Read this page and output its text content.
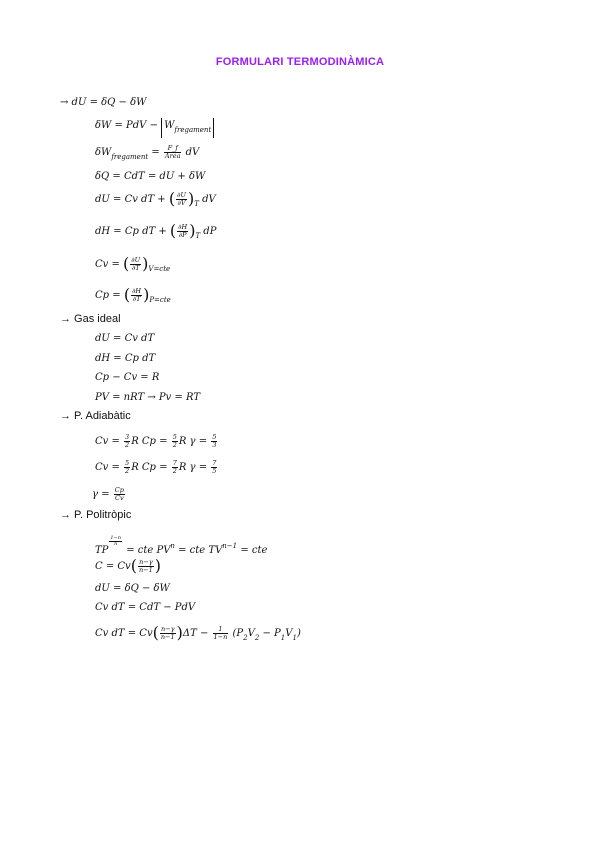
FORMULARI TERMODINÀMICA
→ dU = δQ − δW
δW = PdV − $W_{fregament}$
$\delta W_{fregament} = \frac{F\_f}{\text{Àrea}}$ dV
δQ = CdT = dU + δW
dU = Cv dT + ( $\frac{\partial U}{\partial V} )_T$ dV
dH = Cp dT + ( $\frac{\partial H}{\partial P} )_T$ dP
Cv = ( $\frac{\partial U}{\partial T} )_{V=cte}$
Cp = ( $\frac{\partial H}{\partial T} )_{P=cte}$
→ Gas ideal
dU = Cv dT
dH = Cp dT
Cp − Cv = R
PV = nRT → Pv = RT
→ P. Adiabàtic
$Cv = \frac{3}{2}$ R $Cp = \frac{5}{2}$ R $\gamma = \frac{5}{3}$
$Cv = \frac{5}{2}$ R $Cp = \frac{7}{2}$ R $\gamma = \frac{7}{5}$
$\gamma = \frac{Cp}{Cv}$
→ P. Politròpic
TP
$\frac{1-n}{n}$
= cte $PV^n$ = cte $TV^{n-1}$ = cte
$C = Cv( \frac{n-\gamma}{n-1}$ )
dU = δQ − δW
Cv dT = CdT − PdV
Cv dT = $Cv( \frac{n-\gamma}{n-1} )\Delta T - \frac{1}{1-n} (P_2V_2 - P_1V_1)$
